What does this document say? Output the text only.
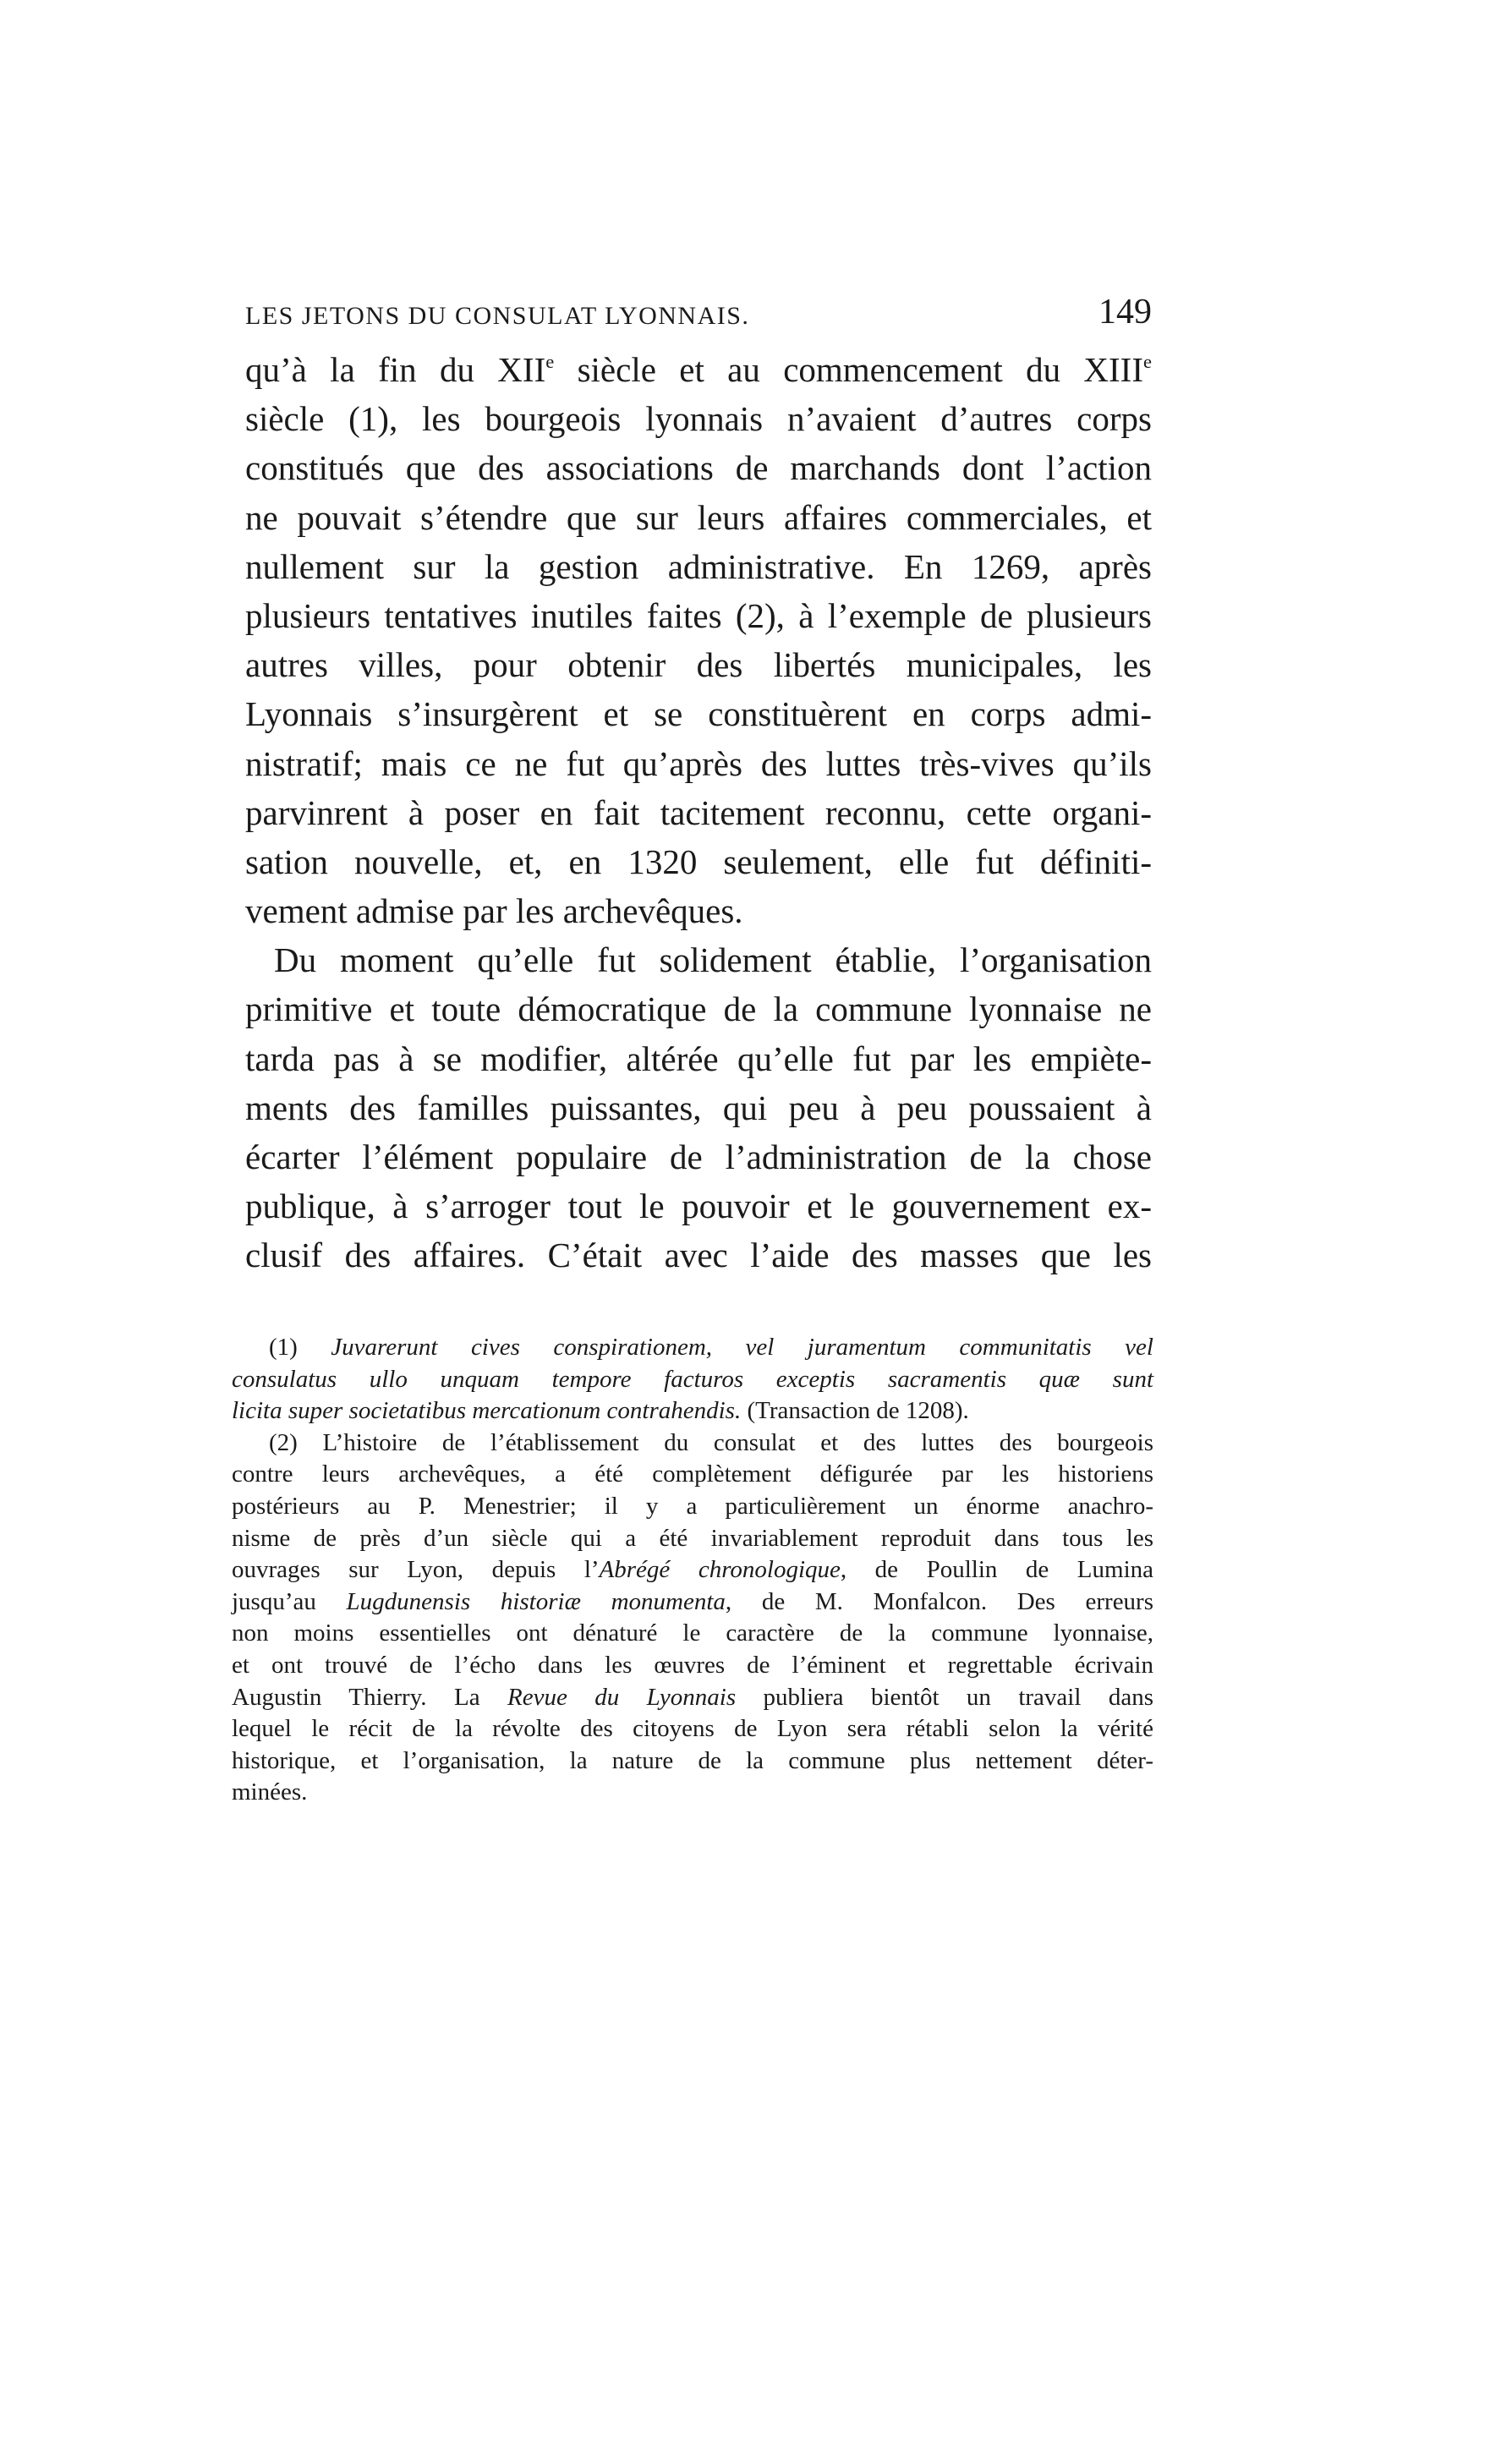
LES JETONS DU CONSULAT LYONNAIS.	149
qu’à la fin du XIIe siècle et au commencement du XIIIe
siècle (1), les bourgeois lyonnais n’avaient d’autres corps
constitués que des associations de marchands dont l’action
ne pouvait s’étendre que sur leurs affaires commerciales, et
nullement sur la gestion administrative. En 1269, après
plusieurs tentatives inutiles faites (2), à l’exemple de plusieurs
autres villes, pour obtenir des libertés municipales, les
Lyonnais s’insurgèrent et se constituèrent en corps admi-
nistratif; mais ce ne fut qu’après des luttes très-vives qu’ils
parvinrent à poser en fait tacitement reconnu, cette organi-
sation nouvelle, et, en 1320 seulement, elle fut définiti-
vement admise par les archevêques.
Du moment qu’elle fut solidement établie, l’organisation
primitive et toute démocratique de la commune lyonnaise ne
tarda pas à se modifier, altérée qu’elle fut par les empiète-
ments des familles puissantes, qui peu à peu poussaient à
écarter l’élément populaire de l’administration de la chose
publique, à s’arroger tout le pouvoir et le gouvernement ex-
clusif des affaires. C’était avec l’aide des masses que les
(1) Juvarerunt cives conspirationem, vel juramentum communitatis vel
consulatus ullo unquam tempore facturos exceptis sacramentis quæ sunt
licita super societatibus mercationum contrahendis. (Transaction de 1208).
(2) L’histoire de l’établissement du consulat et des luttes des bourgeois
contre leurs archevêques, a été complètement défigurée par les historiens
postérieurs au P. Menestrier; il y a particulièrement un énorme anachro-
nisme de près d’un siècle qui a été invariablement reproduit dans tous les
ouvrages sur Lyon, depuis l’Abrégé chronologique, de Poullin de Lumina
jusqu’au Lugdunensis historiæ monumenta, de M. Monfalcon. Des erreurs
non moins essentielles ont dénaturé le caractère de la commune lyonnaise,
et ont trouvé de l’écho dans les œuvres de l’éminent et regrettable écrivain
Augustin Thierry. La Revue du Lyonnais publiera bientôt un travail dans
lequel le récit de la révolte des citoyens de Lyon sera rétabli selon la vérité
historique, et l’organisation, la nature de la commune plus nettement déter-
minées.
